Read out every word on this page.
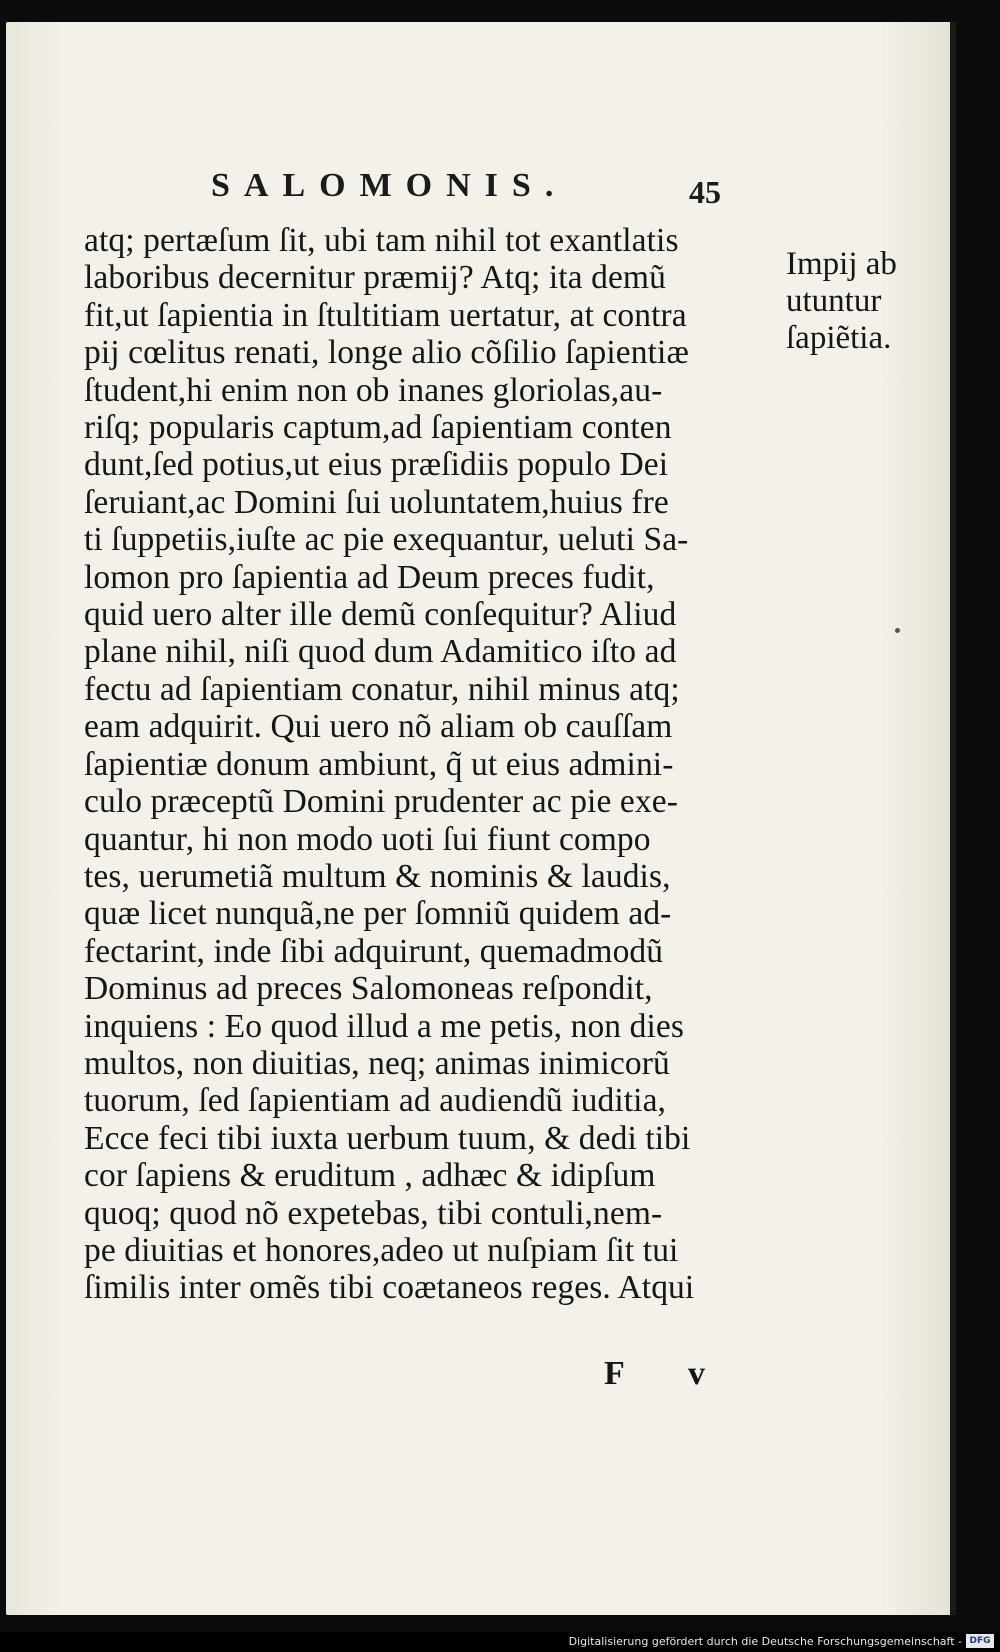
SALOMONIS.	45
atq; pertæſum ſit, ubi tam nihil tot exantlatis
laboribus decernitur præmij? Atq; ita demũ
fit,ut ſapientia in ſtultitiam uertatur, at contra
pij cœlitus renati, longe alio cõſilio ſapientiæ
ſtudent,hi enim non ob inanes gloriolas,au-
riſq; popularis captum,ad ſapientiam conten
dunt,ſed potius,ut eius præſidiis populo Dei
ſeruiant,ac Domini ſui uoluntatem,huius fre
ti ſuppetiis,iuſte ac pie exequantur, ueluti Sa-
lomon pro ſapientia ad Deum preces fudit,
quid uero alter ille demũ conſequitur? Aliud
plane nihil, niſi quod dum Adamitico iſto ad
fectu ad ſapientiam conatur, nihil minus atq;
eam adquirit. Qui uero nõ aliam ob cauſſam
ſapientiæ donum ambiunt, q̃ ut eius admini-
culo præceptũ Domini prudenter ac pie exe-
quantur, hi non modo uoti ſui fiunt compo
tes, uerumetiã multum & nominis & laudis,
quæ licet nunquã,ne per ſomniũ quidem ad-
fectarint, inde ſibi adquirunt, quemadmodũ
Dominus ad preces Salomoneas reſpondit,
inquiens : Eo quod illud a me petis, non dies
multos, non diuitias, neq; animas inimicorũ
tuorum, ſed ſapientiam ad audiendũ iuditia,
Ecce feci tibi iuxta uerbum tuum, & dedi tibi
cor ſapiens & eruditum , adhæc & idipſum
quoq; quod nõ expetebas, tibi contuli,nem-
pe diuitias et honores,adeo ut nuſpiam ſit tui
ſimilis inter omẽs tibi coætaneos reges. Atqui
Impij ab
utuntur
ſapiẽtia.
F v
Digitalisierung gefördert durch die Deutsche Forschungsgemeinschaft - DFG
